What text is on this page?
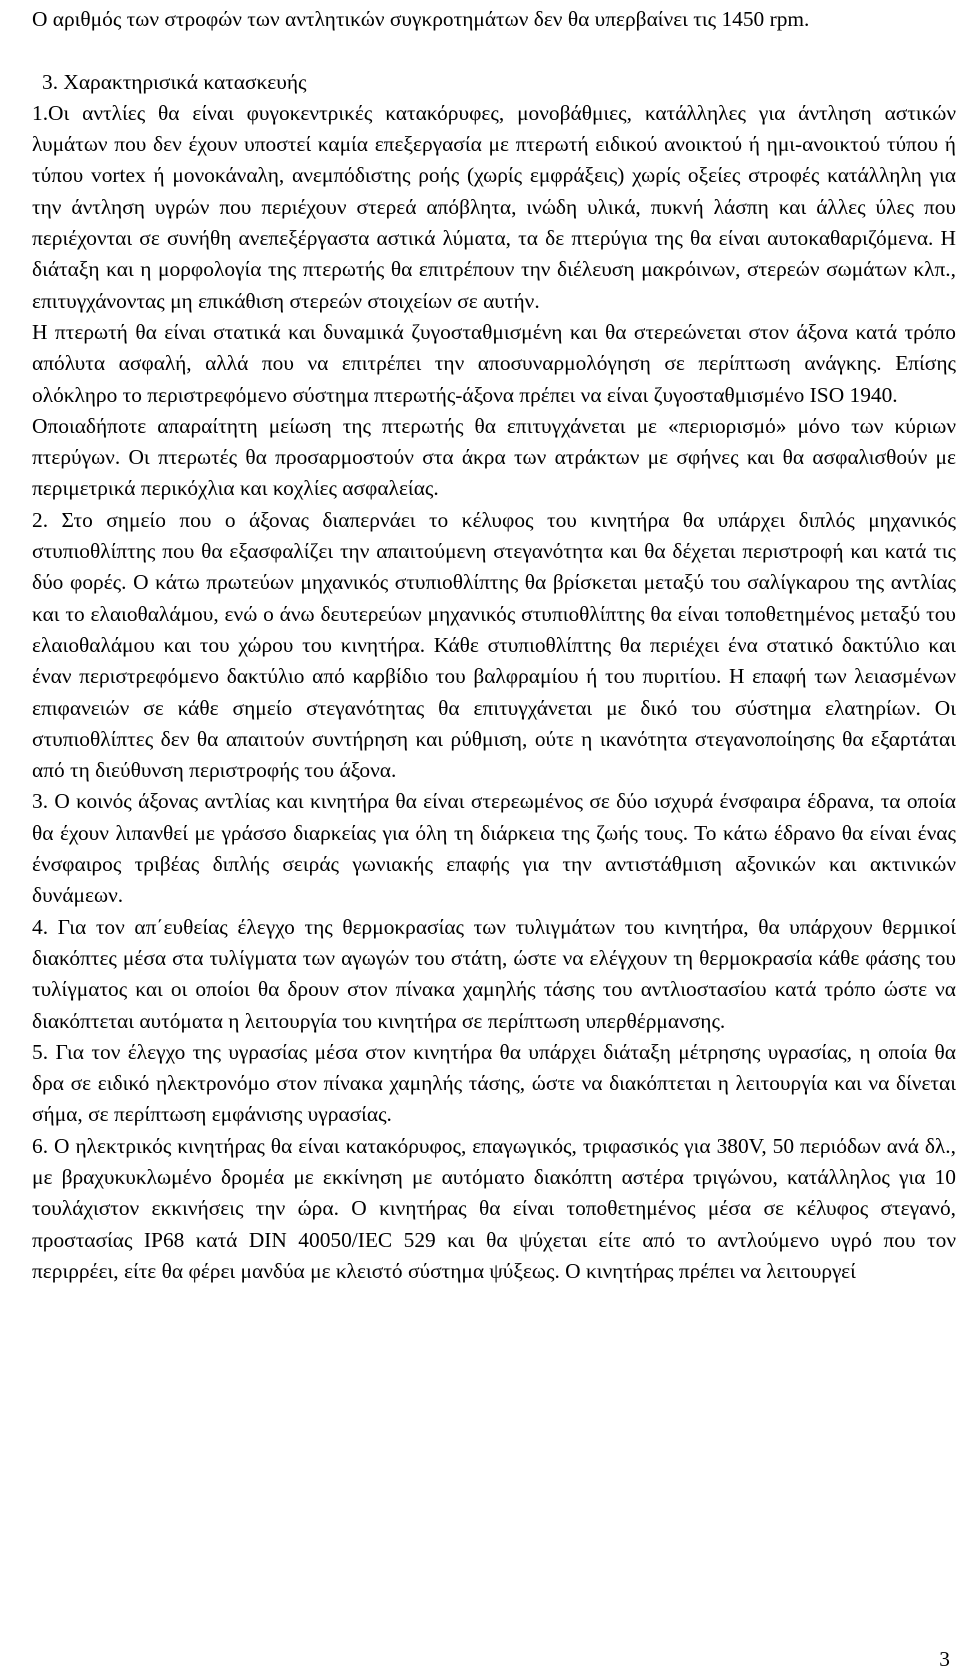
Ο αριθμός των στροφών των αντλητικών συγκροτημάτων δεν θα υπερβαίνει τις 1450 rpm.

3. Χαρακτηρισικά κατασκευής

1.Οι αντλίες θα είναι φυγοκεντρικές κατακόρυφες, μονοβάθμιες, κατάλληλες για άντληση αστικών λυμάτων που δεν έχουν υποστεί καμία επεξεργασία με πτερωτή ειδικού ανοικτού ή ημι-ανοικτού τύπου ή τύπου vortex ή μονοκάναλη, ανεμπόδιστης ροής (χωρίς εμφράξεις) χωρίς οξείες στροφές κατάλληλη για την άντληση υγρών που περιέχουν στερεά απόβλητα, ινώδη υλικά, πυκνή λάσπη και άλλες ύλες που περιέχονται σε συνήθη ανεπεξέργαστα αστικά λύματα, τα δε πτερύγια της θα είναι αυτοκαθαριζόμενα. Η διάταξη και η μορφολογία της πτερωτής θα επιτρέπουν την διέλευση μακρόινων, στερεών σωμάτων κλπ., επιτυγχάνοντας μη επικάθιση στερεών στοιχείων σε αυτήν.

Η πτερωτή θα είναι στατικά και δυναμικά ζυγοσταθμισμένη και θα στερεώνεται στον άξονα κατά τρόπο απόλυτα ασφαλή, αλλά που να επιτρέπει την αποσυναρμολόγηση σε περίπτωση ανάγκης. Επίσης ολόκληρο το περιστρεφόμενο σύστημα πτερωτής-άξονα πρέπει να είναι ζυγοσταθμισμένο ISO 1940.

Οποιαδήποτε απαραίτητη μείωση της πτερωτής θα επιτυγχάνεται με «περιορισμό» μόνο των κύριων πτερύγων. Οι πτερωτές θα προσαρμοστούν στα άκρα των ατράκτων με σφήνες και θα ασφαλισθούν με περιμετρικά περικόχλια και κοχλίες ασφαλείας.

2. Στο σημείο που ο άξονας διαπερνάει το κέλυφος του κινητήρα θα υπάρχει διπλός μηχανικός στυπιοθλίπτης που θα εξασφαλίζει την απαιτούμενη στεγανότητα και θα δέχεται περιστροφή και κατά τις δύο φορές. Ο κάτω πρωτεύων μηχανικός στυπιοθλίπτης θα βρίσκεται μεταξύ του σαλίγκαρου της αντλίας και το ελαιοθαλάμου, ενώ ο άνω δευτερεύων μηχανικός στυπιοθλίπτης θα είναι τοποθετημένος μεταξύ του ελαιοθαλάμου και του χώρου του κινητήρα. Κάθε στυπιοθλίπτης θα περιέχει ένα στατικό δακτύλιο και έναν περιστρεφόμενο δακτύλιο από καρβίδιο του βαλφραμίου ή του πυριτίου. Η επαφή των λειασμένων επιφανειών σε κάθε σημείο στεγανότητας θα επιτυγχάνεται με δικό του σύστημα ελατηρίων. Οι στυπιοθλίπτες δεν θα απαιτούν συντήρηση και ρύθμιση, ούτε η ικανότητα στεγανοποίησης θα εξαρτάται από τη διεύθυνση περιστροφής του άξονα.

3. Ο κοινός άξονας αντλίας και κινητήρα θα είναι στερεωμένος σε δύο ισχυρά ένσφαιρα έδρανα, τα οποία θα έχουν λιπανθεί με γράσσο διαρκείας για όλη τη διάρκεια της ζωής τους. Το κάτω έδρανο θα είναι ένας ένσφαιρος τριβέας διπλής σειράς γωνιακής επαφής για την αντιστάθμιση αξονικών και ακτινικών δυνάμεων.

4. Για τον απ΄ευθείας έλεγχο της θερμοκρασίας των τυλιγμάτων του κινητήρα, θα υπάρχουν θερμικοί διακόπτες μέσα στα τυλίγματα των αγωγών του στάτη, ώστε να ελέγχουν τη θερμοκρασία κάθε φάσης του τυλίγματος και οι οποίοι θα δρουν στον πίνακα χαμηλής τάσης του αντλιοστασίου κατά τρόπο ώστε να διακόπτεται αυτόματα η λειτουργία του κινητήρα σε περίπτωση υπερθέρμανσης.

5. Για τον έλεγχο της υγρασίας μέσα στον κινητήρα θα υπάρχει διάταξη μέτρησης υγρασίας, η οποία θα δρα σε ειδικό ηλεκτρονόμο στον πίνακα χαμηλής τάσης, ώστε να διακόπτεται η λειτουργία και να δίνεται σήμα, σε περίπτωση εμφάνισης υγρασίας.

6. Ο ηλεκτρικός κινητήρας θα είναι κατακόρυφος, επαγωγικός, τριφασικός για 380V, 50 περιόδων ανά δλ., με βραχυκυκλωμένο δρομέα με εκκίνηση με αυτόματο διακόπτη αστέρα τριγώνου, κατάλληλος για 10 τουλάχιστον εκκινήσεις την ώρα. Ο κινητήρας θα είναι τοποθετημένος μέσα σε κέλυφος στεγανό, προστασίας IP68 κατά DIN 40050/IEC 529 και θα ψύχεται είτε από το αντλούμενο υγρό που τον περιρρέει, είτε θα φέρει μανδύα με κλειστό σύστημα ψύξεως. Ο κινητήρας πρέπει να λειτουργεί

3
